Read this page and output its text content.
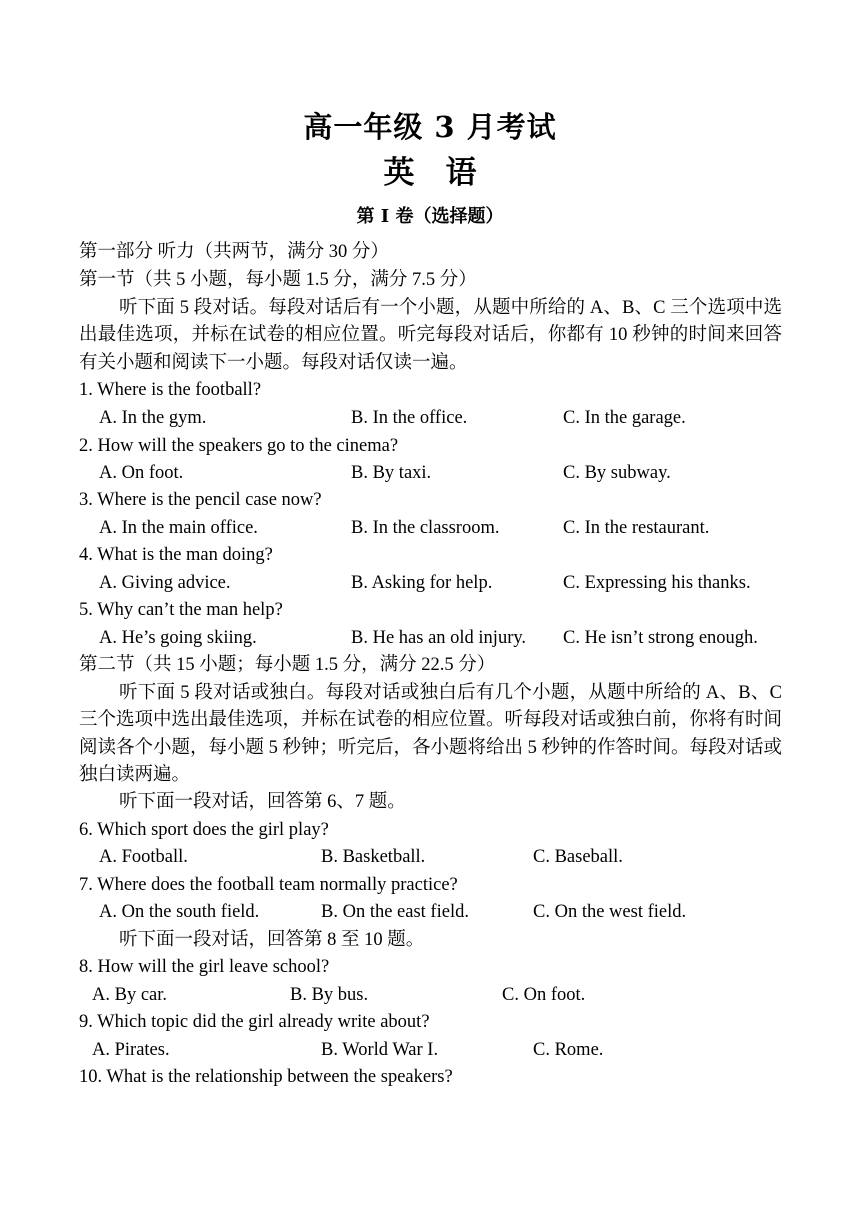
高一年级 3 月考试
英　语
第 I 卷（选择题）
第一部分 听力（共两节，满分 30 分）
第一节（共 5 小题，每小题 1.5 分，满分 7.5 分）
听下面 5 段对话。每段对话后有一个小题，从题中所给的 A、B、C 三个选项中选出最佳选项，并标在试卷的相应位置。听完每段对话后，你都有 10 秒钟的时间来回答有关小题和阅读下一小题。每段对话仅读一遍。
1. Where is the football?
A. In the gym.	B. In the office.	C. In the garage.
2. How will the speakers go to the cinema?
A. On foot.	B. By taxi.	C. By subway.
3. Where is the pencil case now?
A. In the main office.	B. In the classroom.	C. In the restaurant.
4. What is the man doing?
A. Giving advice.	B. Asking for help.	C. Expressing his thanks.
5. Why can’t the man help?
A. He’s going skiing.	B. He has an old injury. C. He isn’t strong enough.
第二节（共 15 小题；每小题 1.5 分，满分 22.5 分）
听下面 5 段对话或独白。每段对话或独白后有几个小题，从题中所给的 A、B、C 三个选项中选出最佳选项，并标在试卷的相应位置。听每段对话或独白前，你将有时间阅读各个小题，每小题 5 秒钟；听完后，各小题将给出 5 秒钟的作答时间。每段对话或独白读两遍。
听下面一段对话，回答第 6、7 题。
6. Which sport does the girl play?
A. Football.	B. Basketball.	C. Baseball.
7. Where does the football team normally practice?
A. On the south field.	B. On the east field.	C. On the west field.
听下面一段对话，回答第 8 至 10 题。
8. How will the girl leave school?
A. By car.	B. By bus.	C. On foot.
9. Which topic did the girl already write about?
A. Pirates.	B. World War I.	C. Rome.
10. What is the relationship between the speakers?
